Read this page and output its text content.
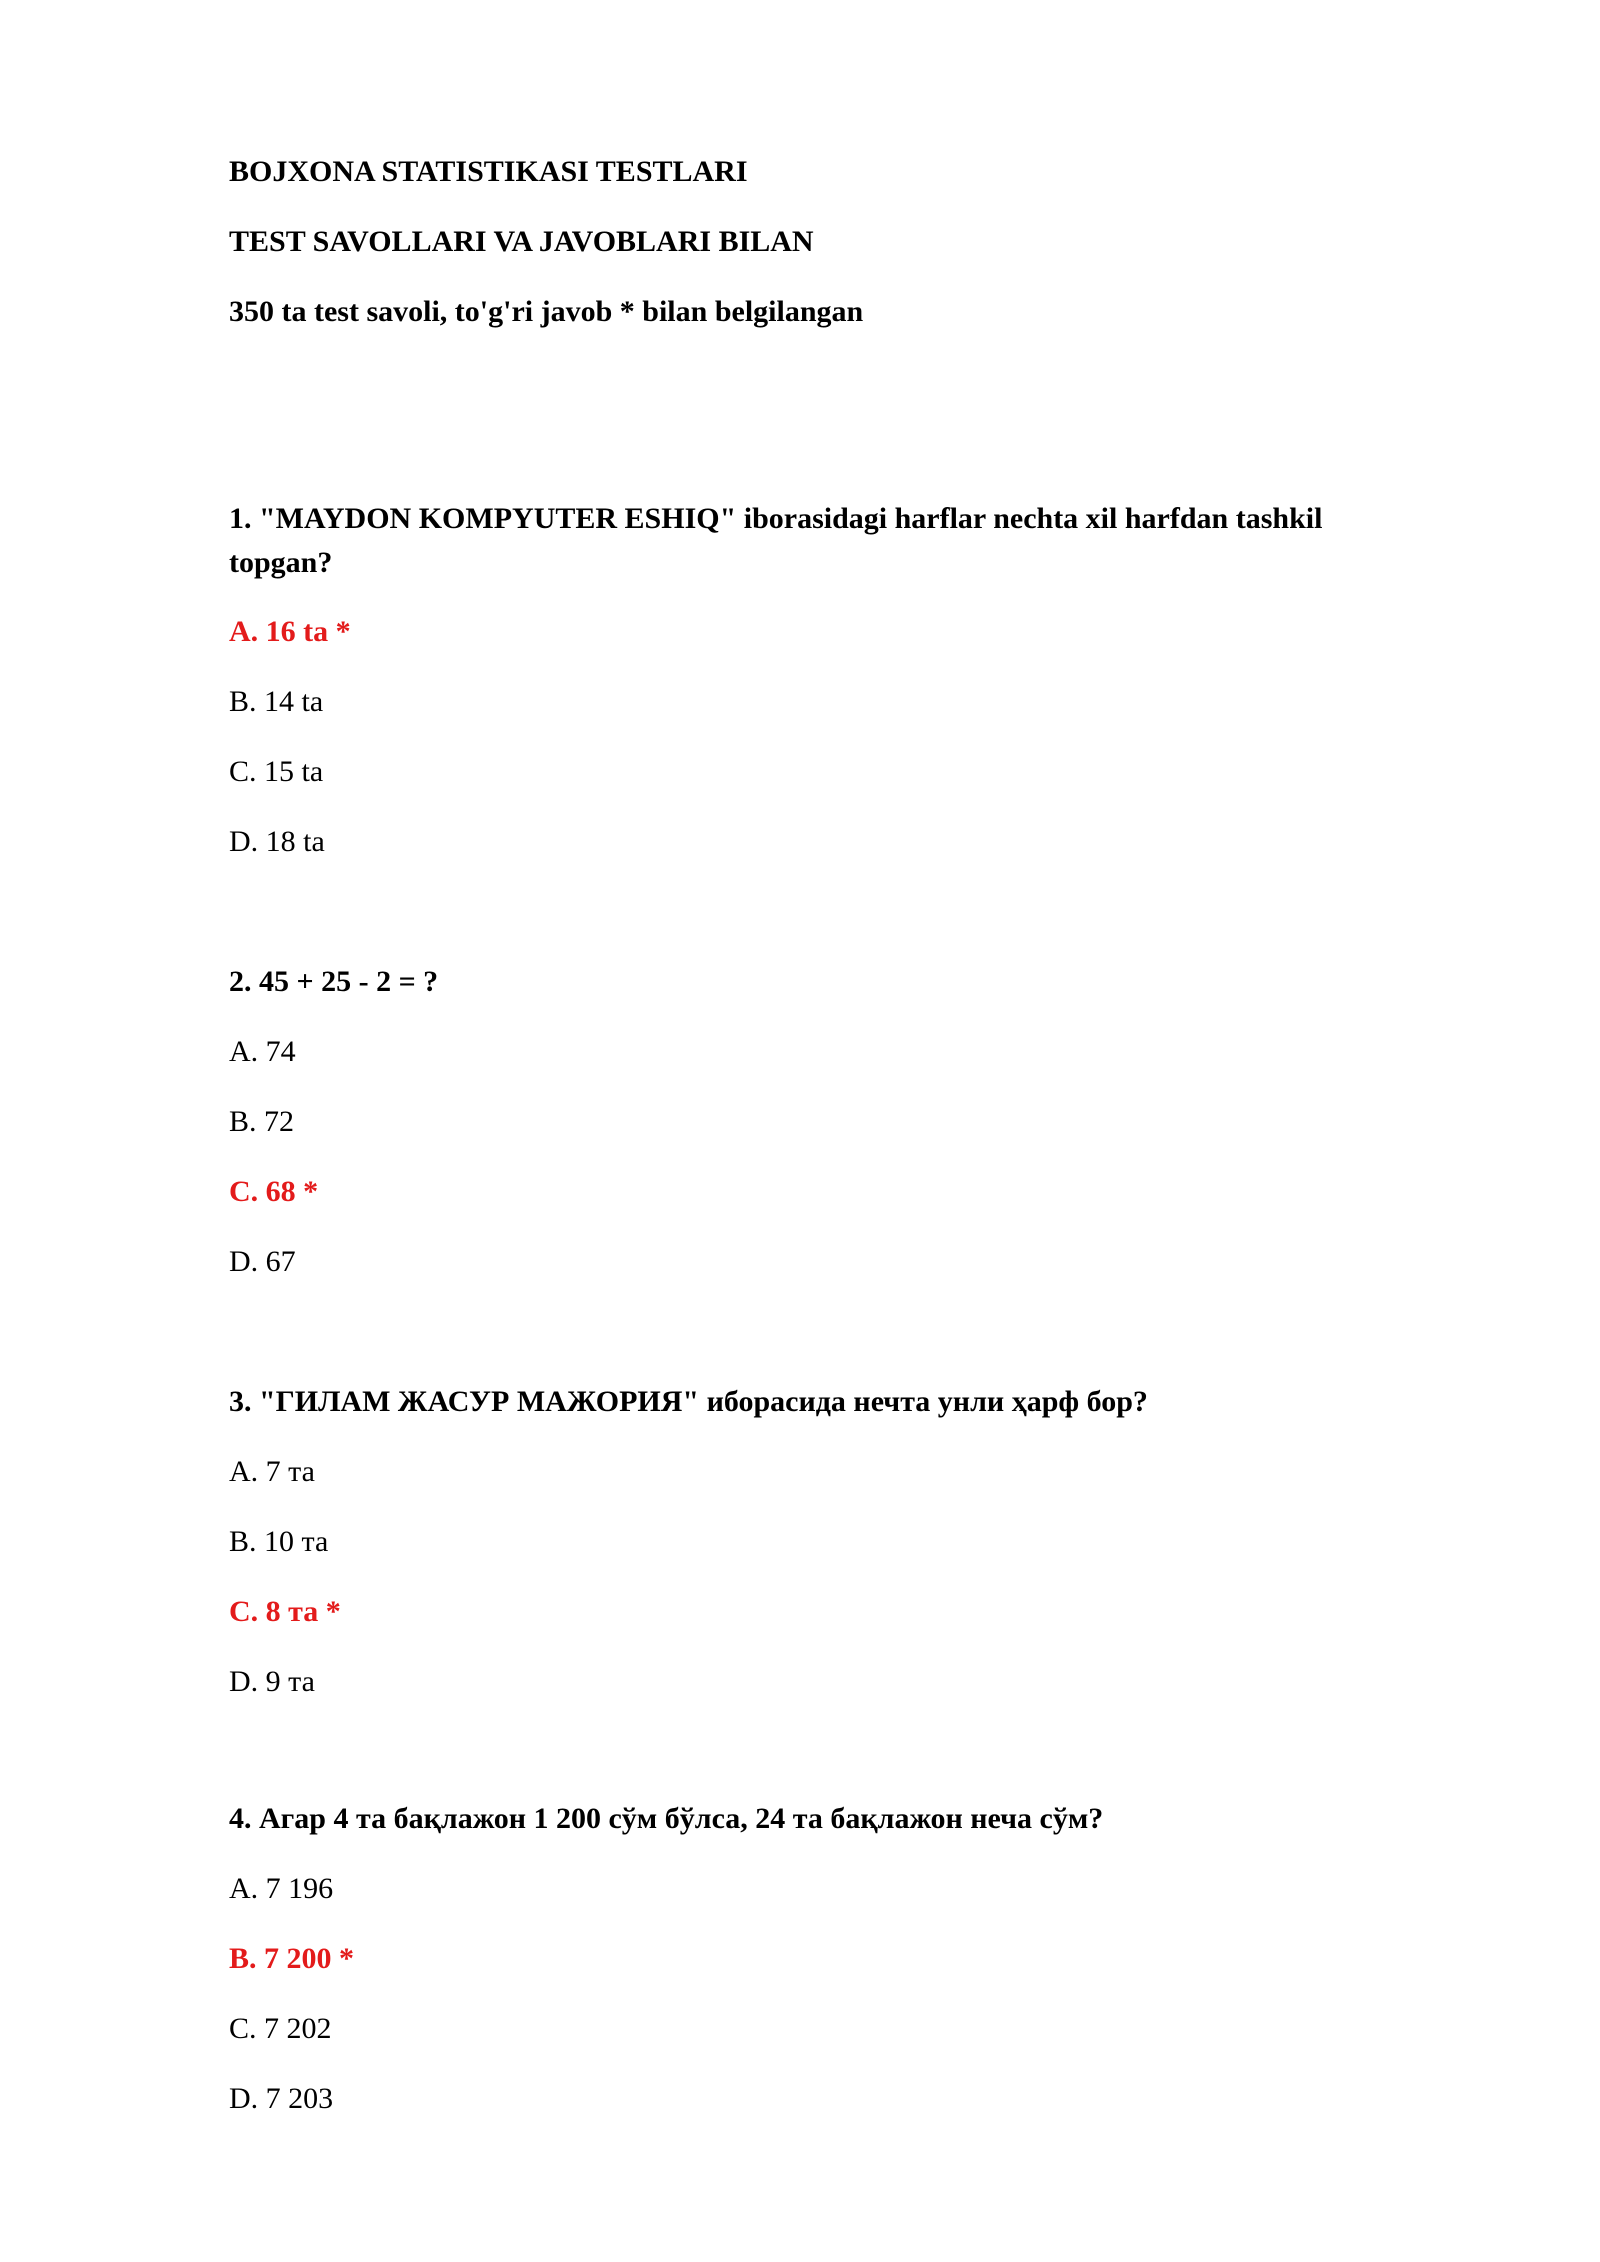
BOJXONA STATISTIKASI TESTLARI

TEST SAVOLLARI VA JAVOBLARI BILAN

350 ta test savoli, to'g'ri javob * bilan belgilangan

1. "MAYDON KOMPYUTER ESHIQ" iborasidagi harflar nechta xil harfdan tashkil topgan?

A. 16 ta *

B. 14 ta

C. 15 ta

D. 18 ta

2. 45 + 25 - 2 = ?

A. 74

B. 72

C. 68 *

D. 67

3. "ГИЛАМ ЖАСУР МАЖОРИЯ" иборасида нечта унли ҳарф бор?

A. 7 та

B. 10 та

C. 8 та *

D. 9 та

4. Агар 4 та бақлажон 1 200 сўм бўлса, 24 та бақлажон неча сўм?

A. 7 196

B. 7 200 *

C. 7 202

D. 7 203
